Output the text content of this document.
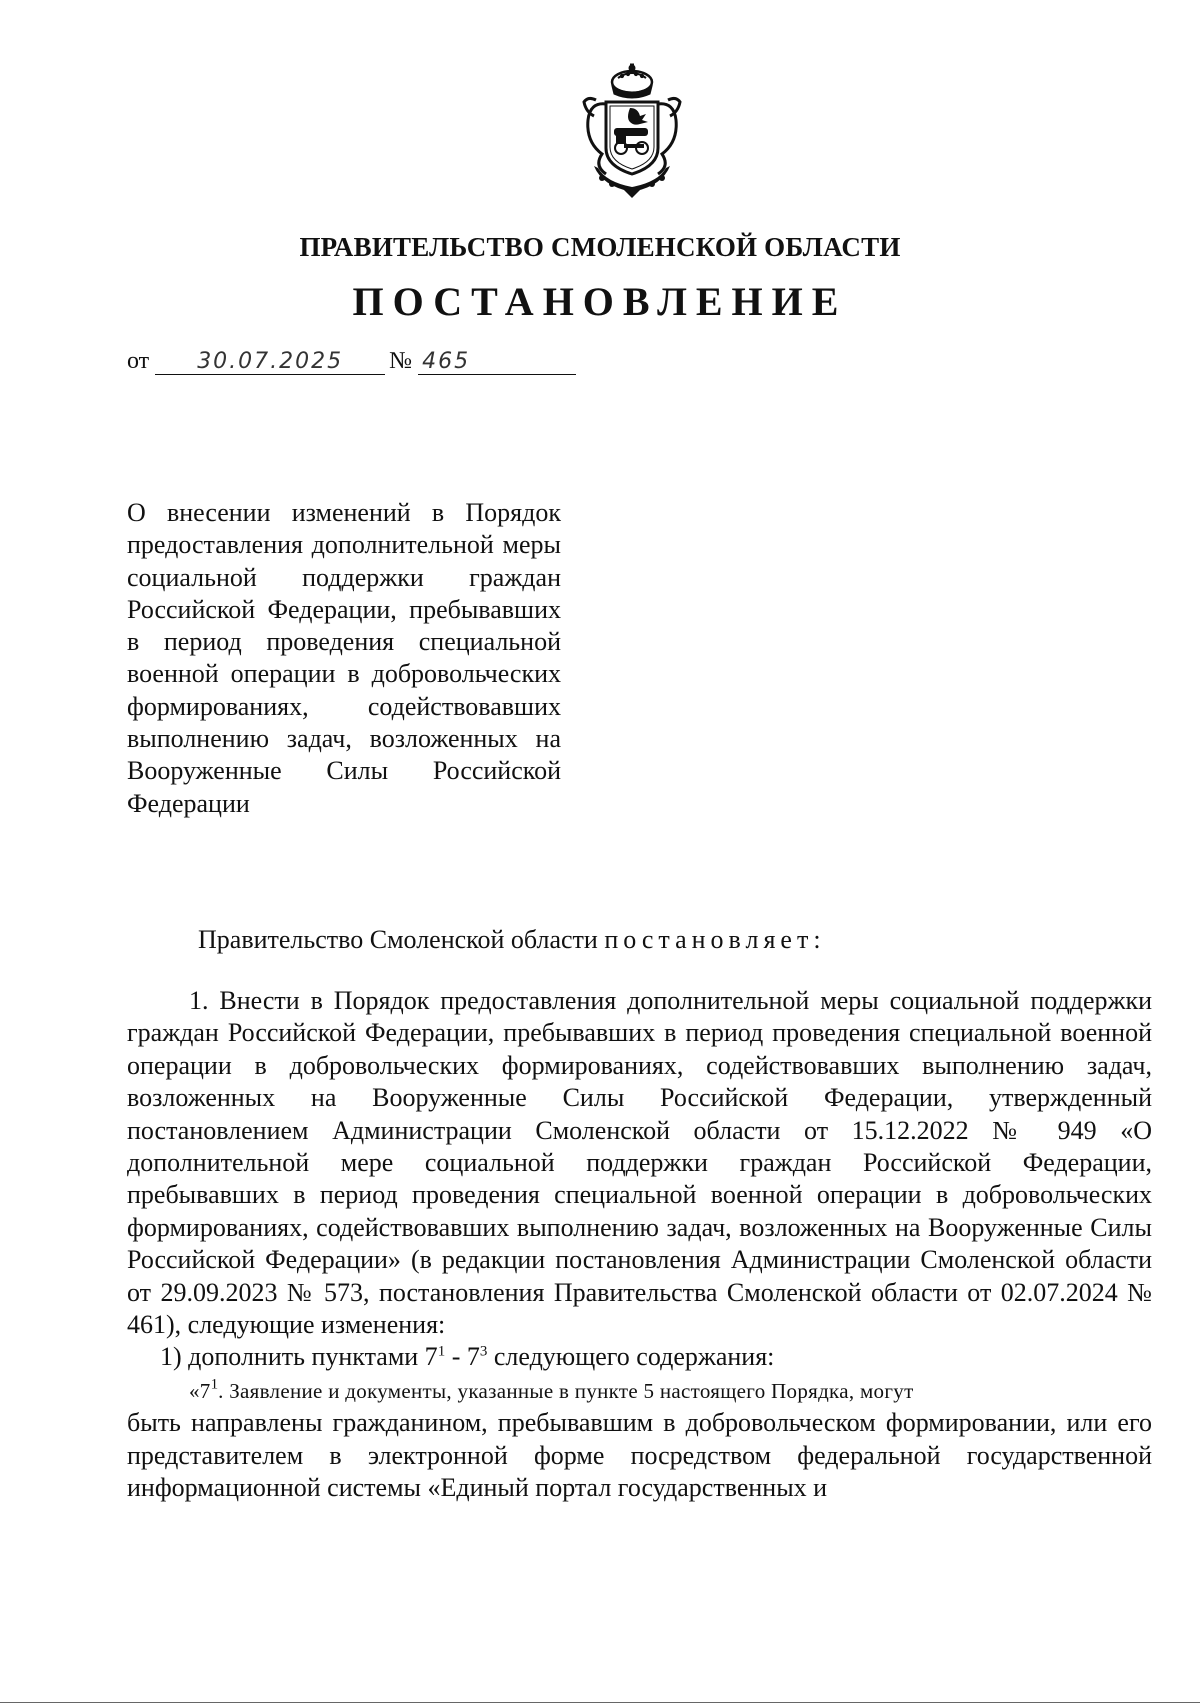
ПРАВИТЕЛЬСТВО СМОЛЕНСКОЙ ОБЛАСТИ
ПОСТАНОВЛЕНИЕ
от 30.07.2025 № 465
О внесении изменений в Порядок предоставления дополнительной меры социальной поддержки граждан Российской Федерации, пребывавших в период проведения специальной военной операции в добровольческих формированиях, содействовавших выполнению задач, возложенных на Вооруженные Силы Российской Федерации
Правительство Смоленской области постановляет:

1. Внести в Порядок предоставления дополнительной меры социальной поддержки граждан Российской Федерации, пребывавших в период проведения специальной военной операции в добровольческих формированиях, содействовавших выполнению задач, возложенных на Вооруженные Силы Российской Федерации, утвержденный постановлением Администрации Смоленской области от 15.12.2022 № 949 «О дополнительной мере социальной поддержки граждан Российской Федерации, пребывавших в период проведения специальной военной операции в добровольческих формированиях, содействовавших выполнению задач, возложенных на Вооруженные Силы Российской Федерации» (в редакции постановления Администрации Смоленской области от 29.09.2023 № 573, постановления Правительства Смоленской области от 02.07.2024 № 461), следующие изменения:

1) дополнить пунктами $7^1 - 7^3$ следующего содержания:

«$7^1$. Заявление и документы, указанные в пункте 5 настоящего Порядка, могут

быть направлены гражданином, пребывавшим в добровольческом формировании, или его представителем в электронной форме посредством федеральной государственной информационной системы «Единый портал государственных и
